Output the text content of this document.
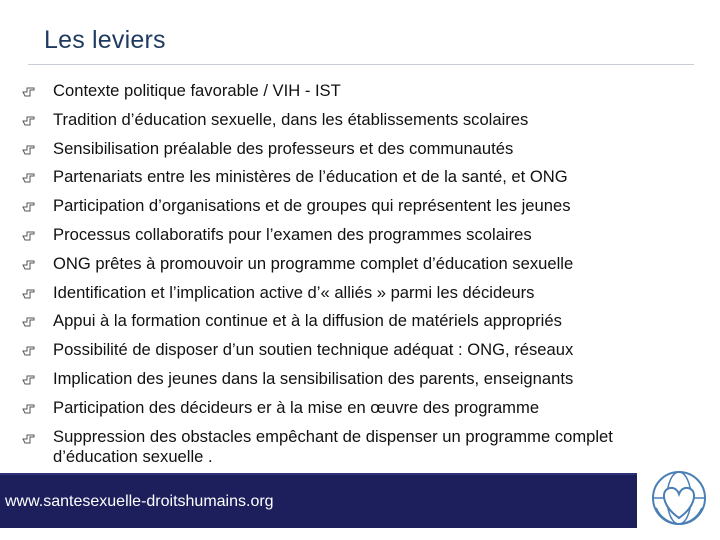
Les leviers
Contexte politique favorable / VIH - IST
Tradition d’éducation sexuelle, dans les établissements scolaires
Sensibilisation préalable des professeurs et des communautés
Partenariats entre les ministères de l’éducation et de la santé, et ONG
Participation d’organisations et de groupes qui représentent les jeunes
Processus collaboratifs pour l’examen des programmes scolaires
ONG prêtes à promouvoir un programme complet d’éducation sexuelle
Identification et l’implication active d’« alliés » parmi les décideurs
Appui à la formation continue et à la diffusion de matériels appropriés
Possibilité de disposer d’un soutien technique adéquat : ONG, réseaux
Implication des jeunes dans la sensibilisation des parents, enseignants
Participation des décideurs er à la mise en œuvre des programme
Suppression des obstacles empêchant de dispenser un programme complet d’éducation sexuelle .
www.santesexuelle-droitshumains.org
